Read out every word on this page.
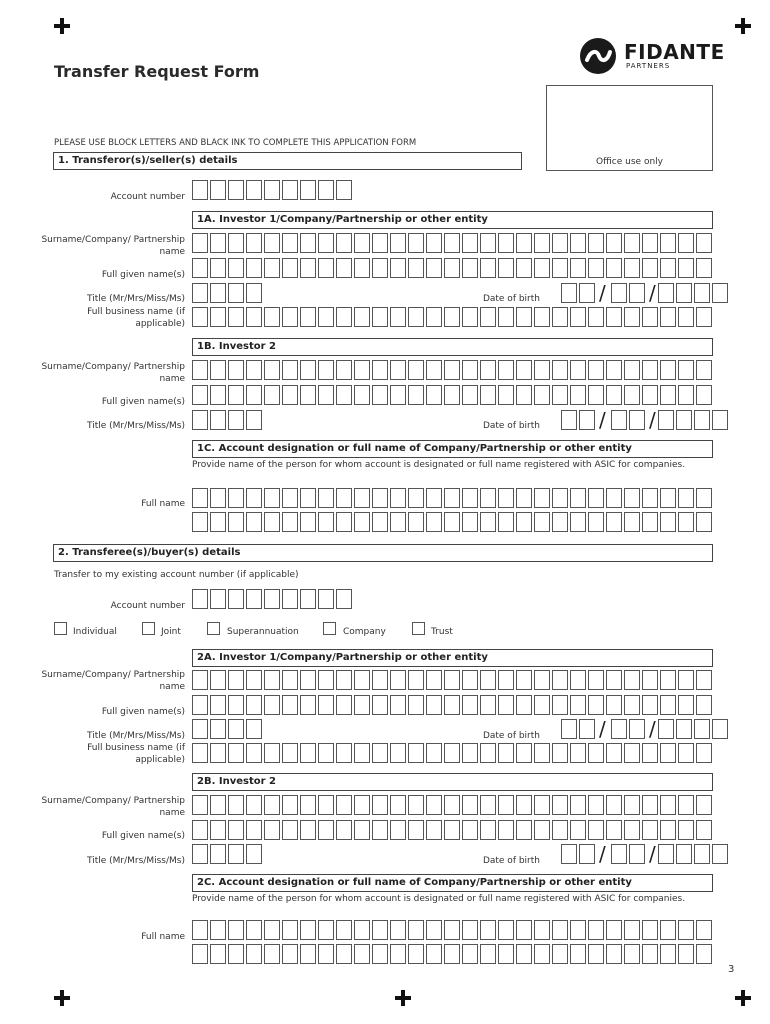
FIDANTE
PARTNERS
Transfer Request Form
PLEASE USE BLOCK LETTERS AND BLACK INK TO COMPLETE THIS APPLICATION FORM
Office use only
1. Transferor(s)/seller(s) details
Account number
1A. Investor 1/Company/Partnership or other entity
Surname/Company/ Partnership name
Full given name(s)
Title (Mr/Mrs/Miss/Ms)	Date of birth	/ /
Full business name (if applicable)
1B. Investor 2
Surname/Company/ Partnership name
Full given name(s)
Title (Mr/Mrs/Miss/Ms)	Date of birth	/ /
1C. Account designation or full name of Company/Partnership or other entity
Provide name of the person for whom account is designated or full name registered with ASIC for companies.
Full name
2. Transferee(s)/buyer(s) details
Transfer to my existing account number (if applicable)
Account number
Individual	Joint	Superannuation	Company	Trust
2A. Investor 1/Company/Partnership or other entity
Surname/Company/ Partnership name
Full given name(s)
Title (Mr/Mrs/Miss/Ms)	Date of birth	/ /
Full business name (if applicable)
2B. Investor 2
Surname/Company/ Partnership name
Full given name(s)
Title (Mr/Mrs/Miss/Ms)	Date of birth	/ /
2C. Account designation or full name of Company/Partnership or other entity
Provide name of the person for whom account is designated or full name registered with ASIC for companies.
Full name
3
